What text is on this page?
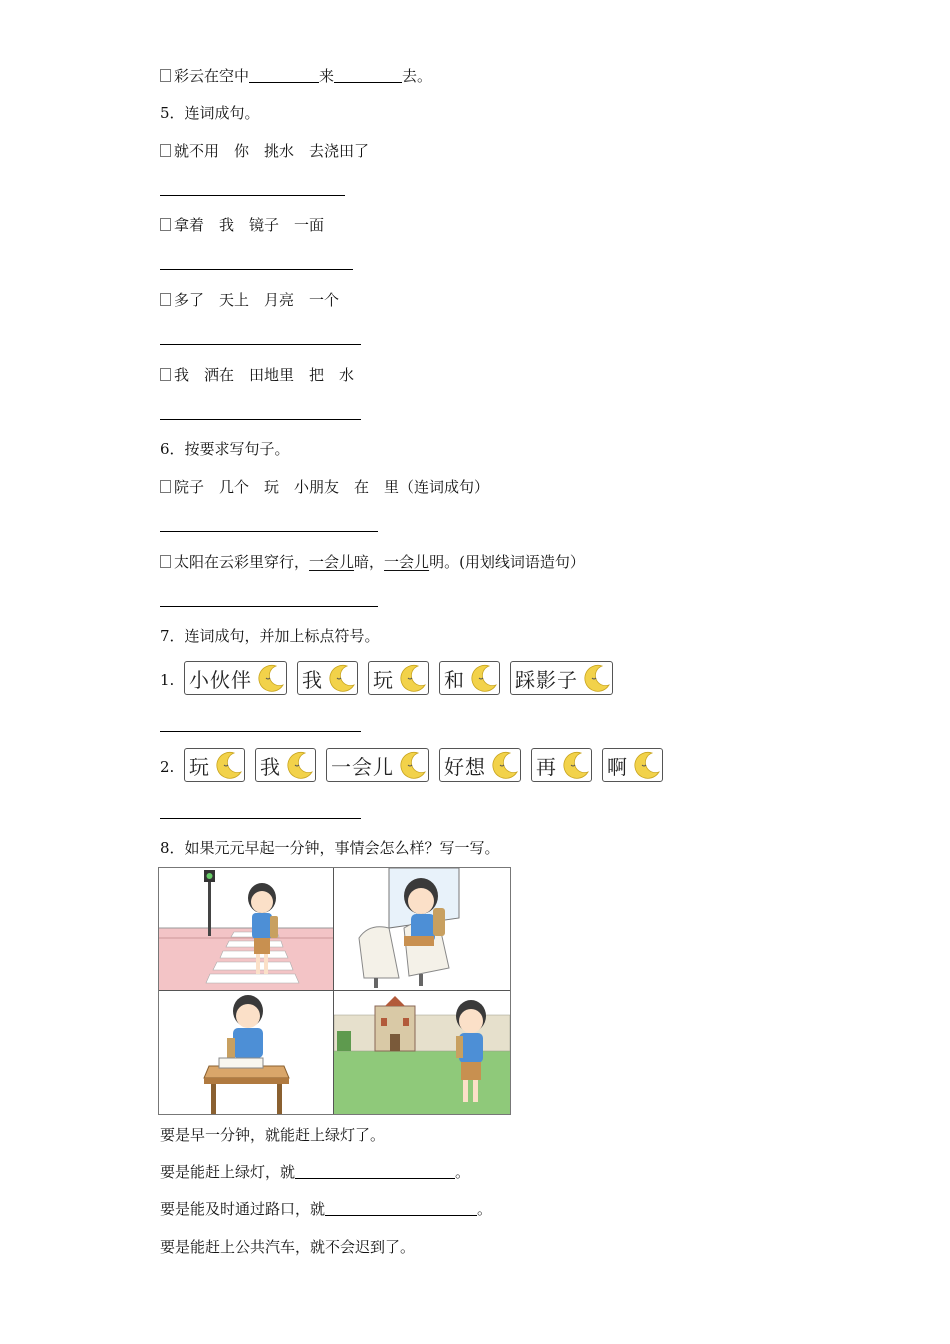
彩云在空中	来	去。
5．连词成句。
就不用　你　挑水　去浇田了
拿着　我　镜子　一面
多了　天上　月亮　一个
我　洒在　田地里　把　水
6．按要求写句子。
院子　几个　玩　小朋友　在　里（连词成句）
太阳在云彩里穿行，一会儿暗，一会儿明。(用划线词语造句）
7．连词成句，并加上标点符号。
1. 小伙伴	我	玩	和	踩影子
2. 玩	我	一会儿	好想	再	啊
8．如果元元早起一分钟，事情会怎么样？写一写。
要是早一分钟，就能赶上绿灯了。
要是能赶上绿灯，就	。
要是能及时通过路口，就	。
要是能赶上公共汽车，就不会迟到了。
